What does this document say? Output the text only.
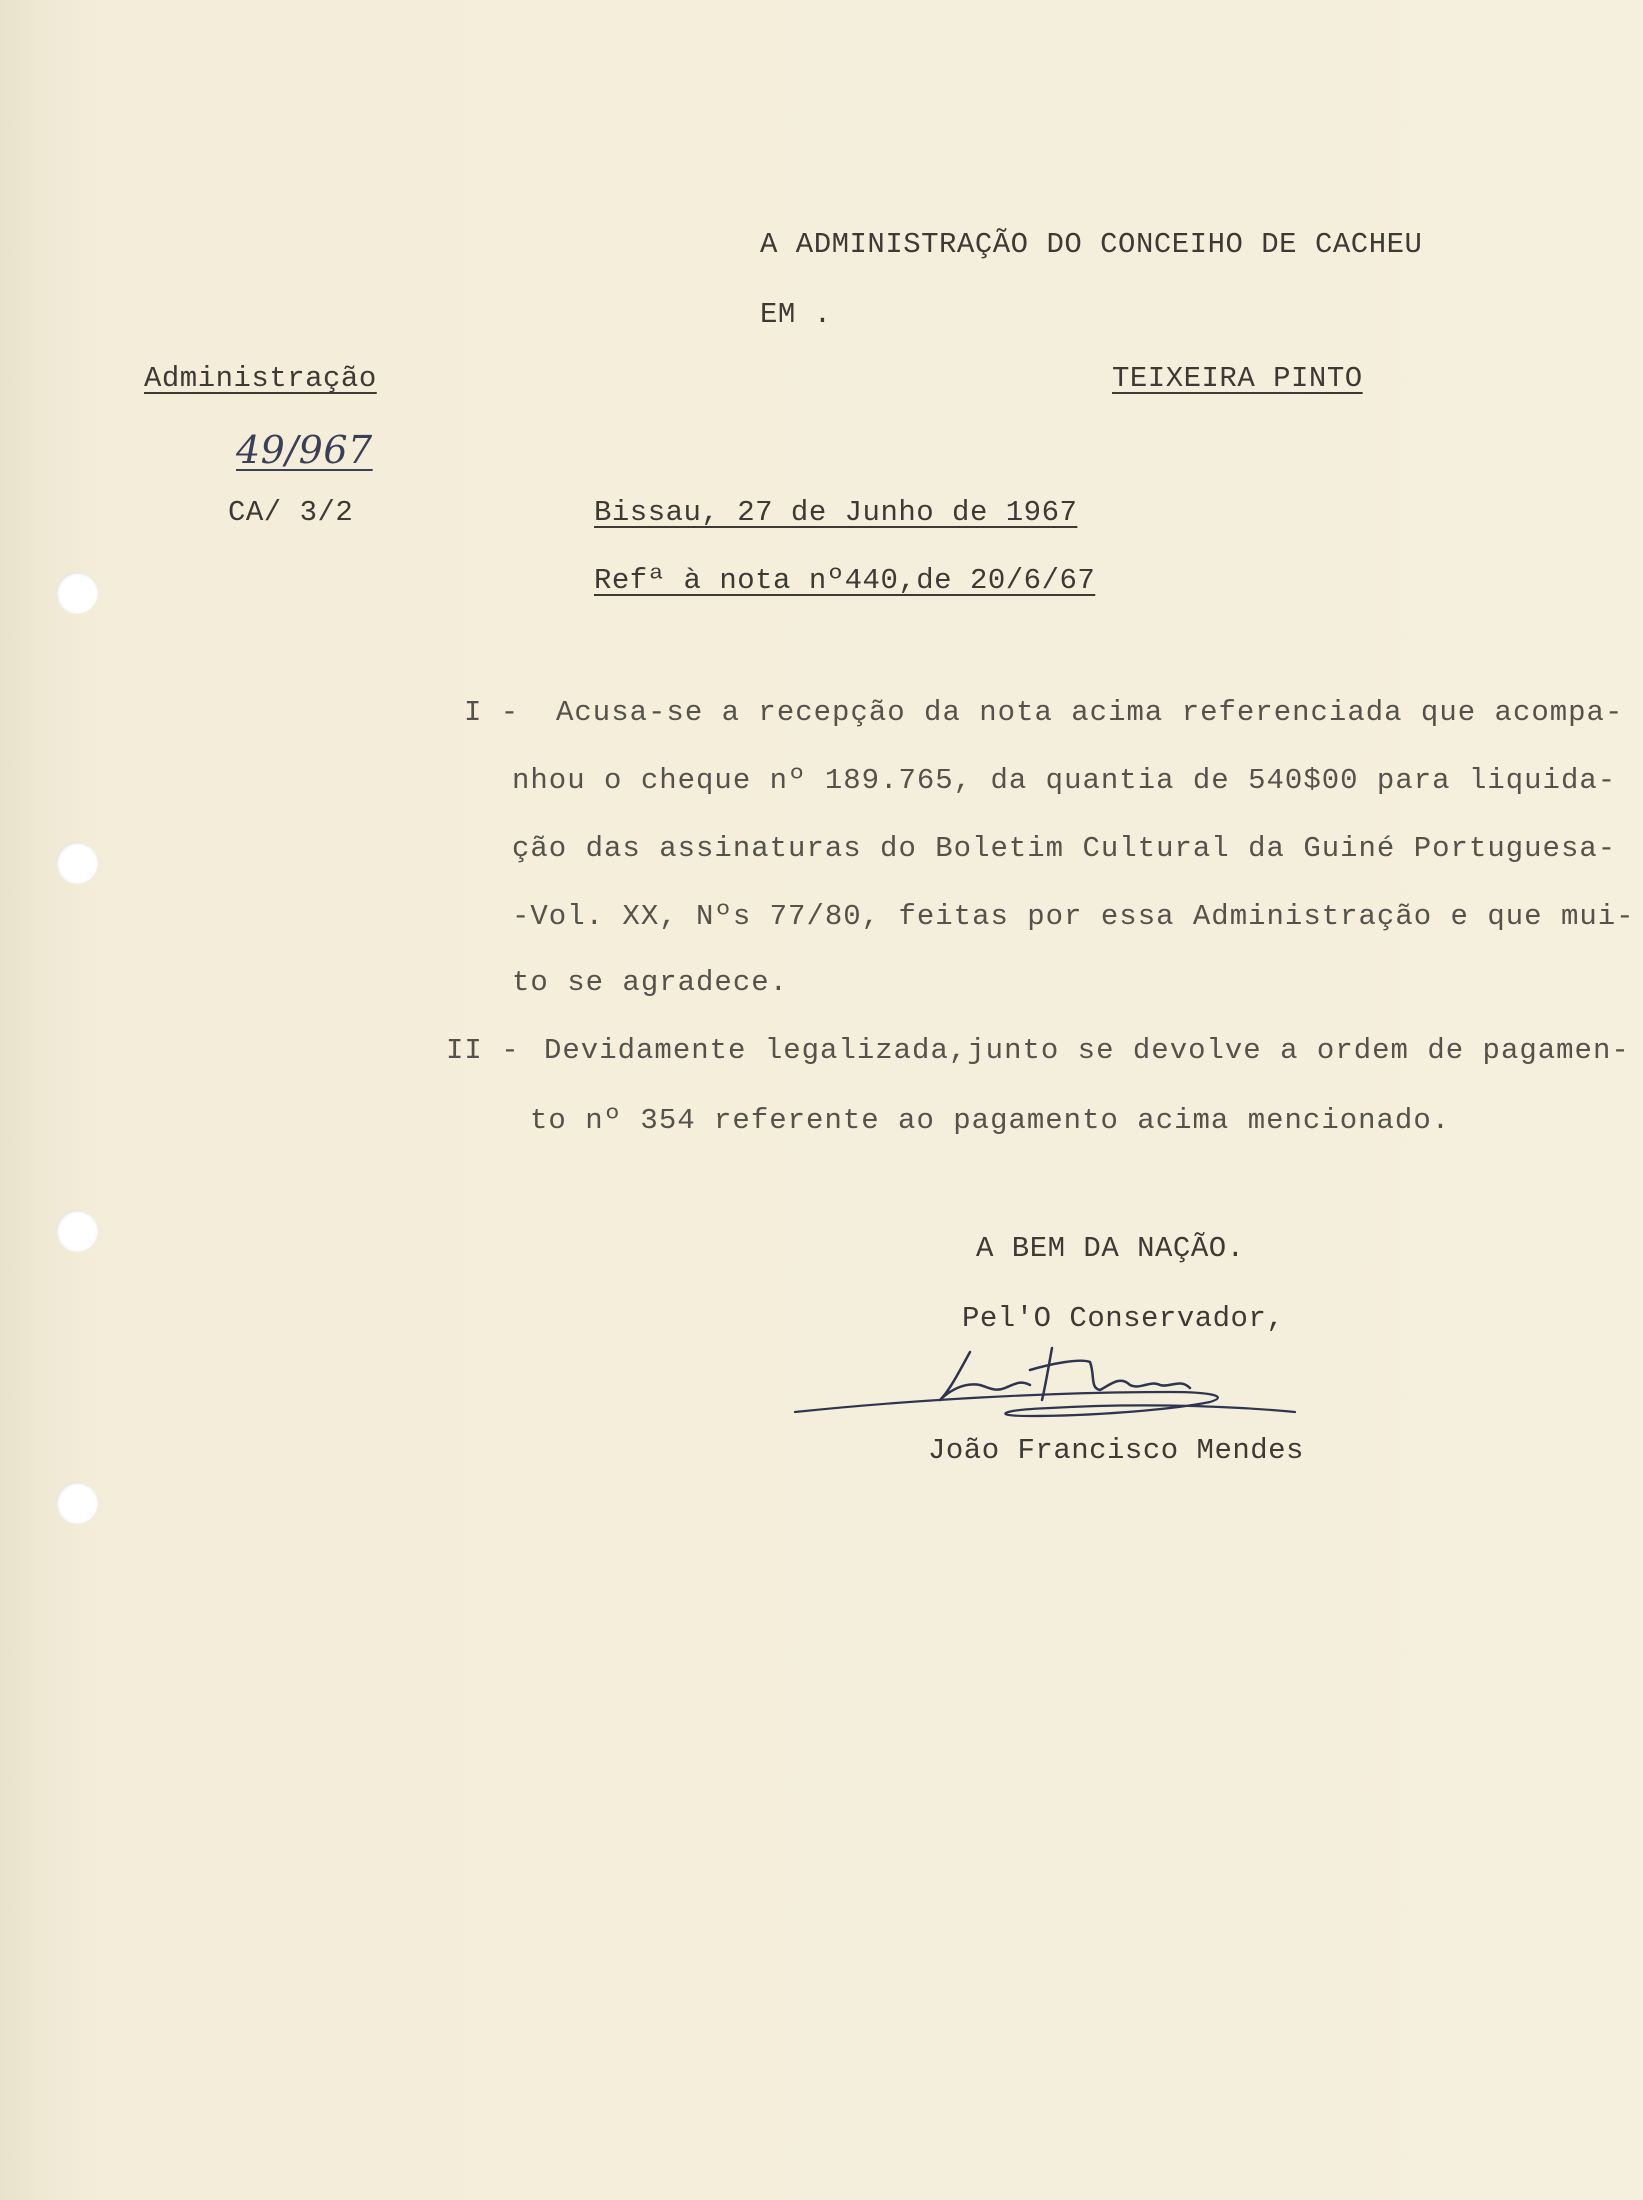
A ADMINISTRAÇÃO DO CONCEIHO DE CACHEU
EM .
TEIXEIRA PINTO
Administração
49/967
CA/ 3/2	Bissau, 27 de Junho de 1967
Refª à nota nº440,de 20/6/67
I - Acusa-se a recepção da nota acima referenciada que acompa-
nhou o cheque nº 189.765, da quantia de 540$00 para liquida-
ção das assinaturas do Boletim Cultural da Guiné Portuguesa-
-Vol. XX, Nºs 77/80, feitas por essa Administração e que mui-
to se agradece.
II - Devidamente legalizada,junto se devolve a ordem de pagamen-
to nº 354 referente ao pagamento acima mencionado.
A BEM DA NAÇÃO.
Pel'O Conservador,
João Francisco Mendes
